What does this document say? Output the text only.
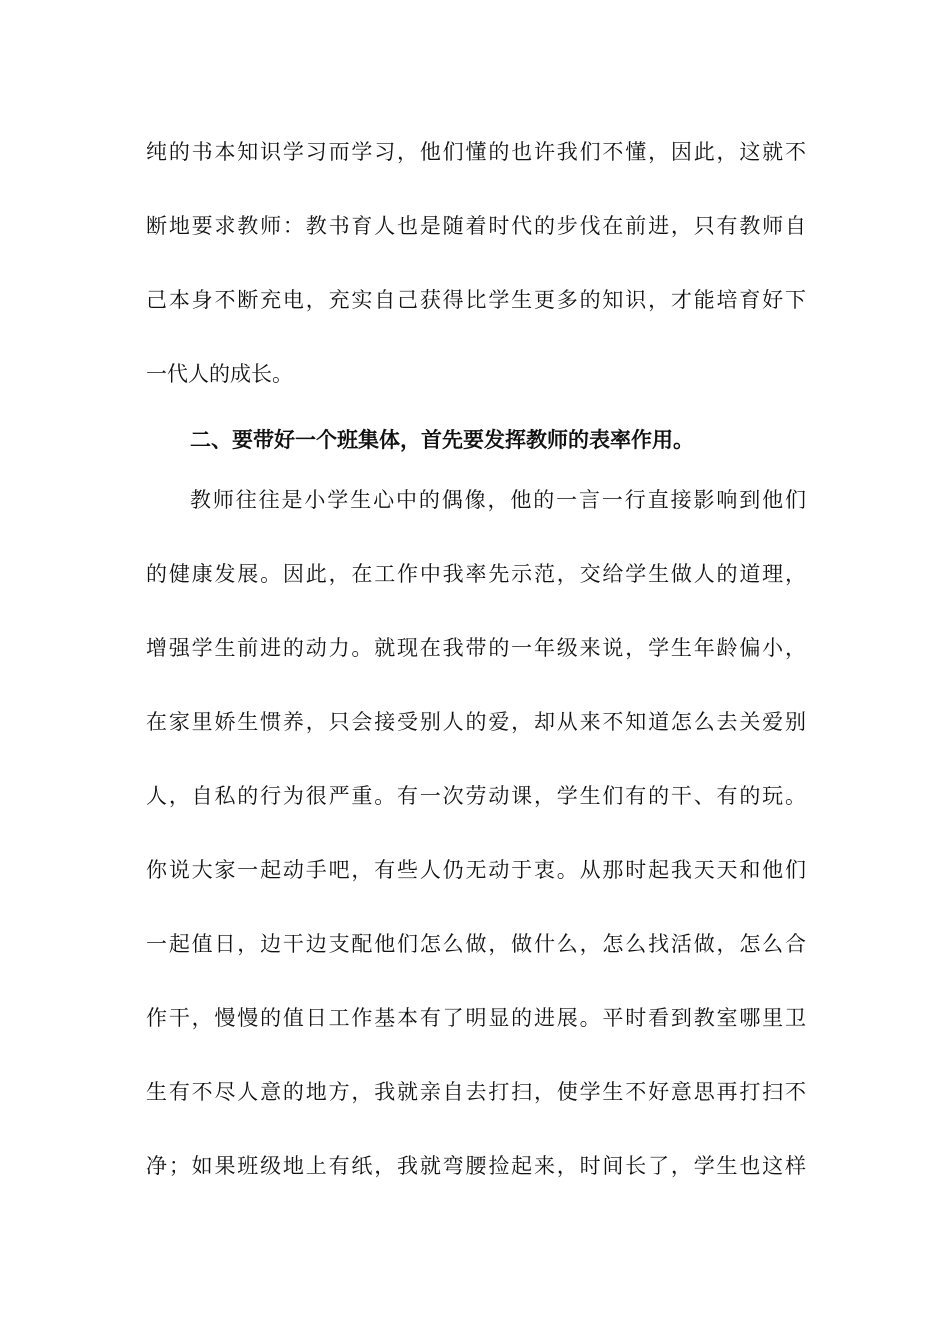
纯的书本知识学习而学习，他们懂的也许我们不懂，因此，这就不
断地要求教师：教书育人也是随着时代的步伐在前进，只有教师自
己本身不断充电，充实自己获得比学生更多的知识，才能培育好下
一代人的成长。
二、要带好一个班集体，首先要发挥教师的表率作用。
教师往往是小学生心中的偶像，他的一言一行直接影响到他们
的健康发展。因此，在工作中我率先示范，交给学生做人的道理，
增强学生前进的动力。就现在我带的一年级来说，学生年龄偏小，
在家里娇生惯养，只会接受别人的爱，却从来不知道怎么去关爱别
人，自私的行为很严重。有一次劳动课，学生们有的干、有的玩。
你说大家一起动手吧，有些人仍无动于衷。从那时起我天天和他们
一起值日，边干边支配他们怎么做，做什么，怎么找活做，怎么合
作干，慢慢的值日工作基本有了明显的进展。平时看到教室哪里卫
生有不尽人意的地方，我就亲自去打扫，使学生不好意思再打扫不
净；如果班级地上有纸，我就弯腰捡起来，时间长了，学生也这样
